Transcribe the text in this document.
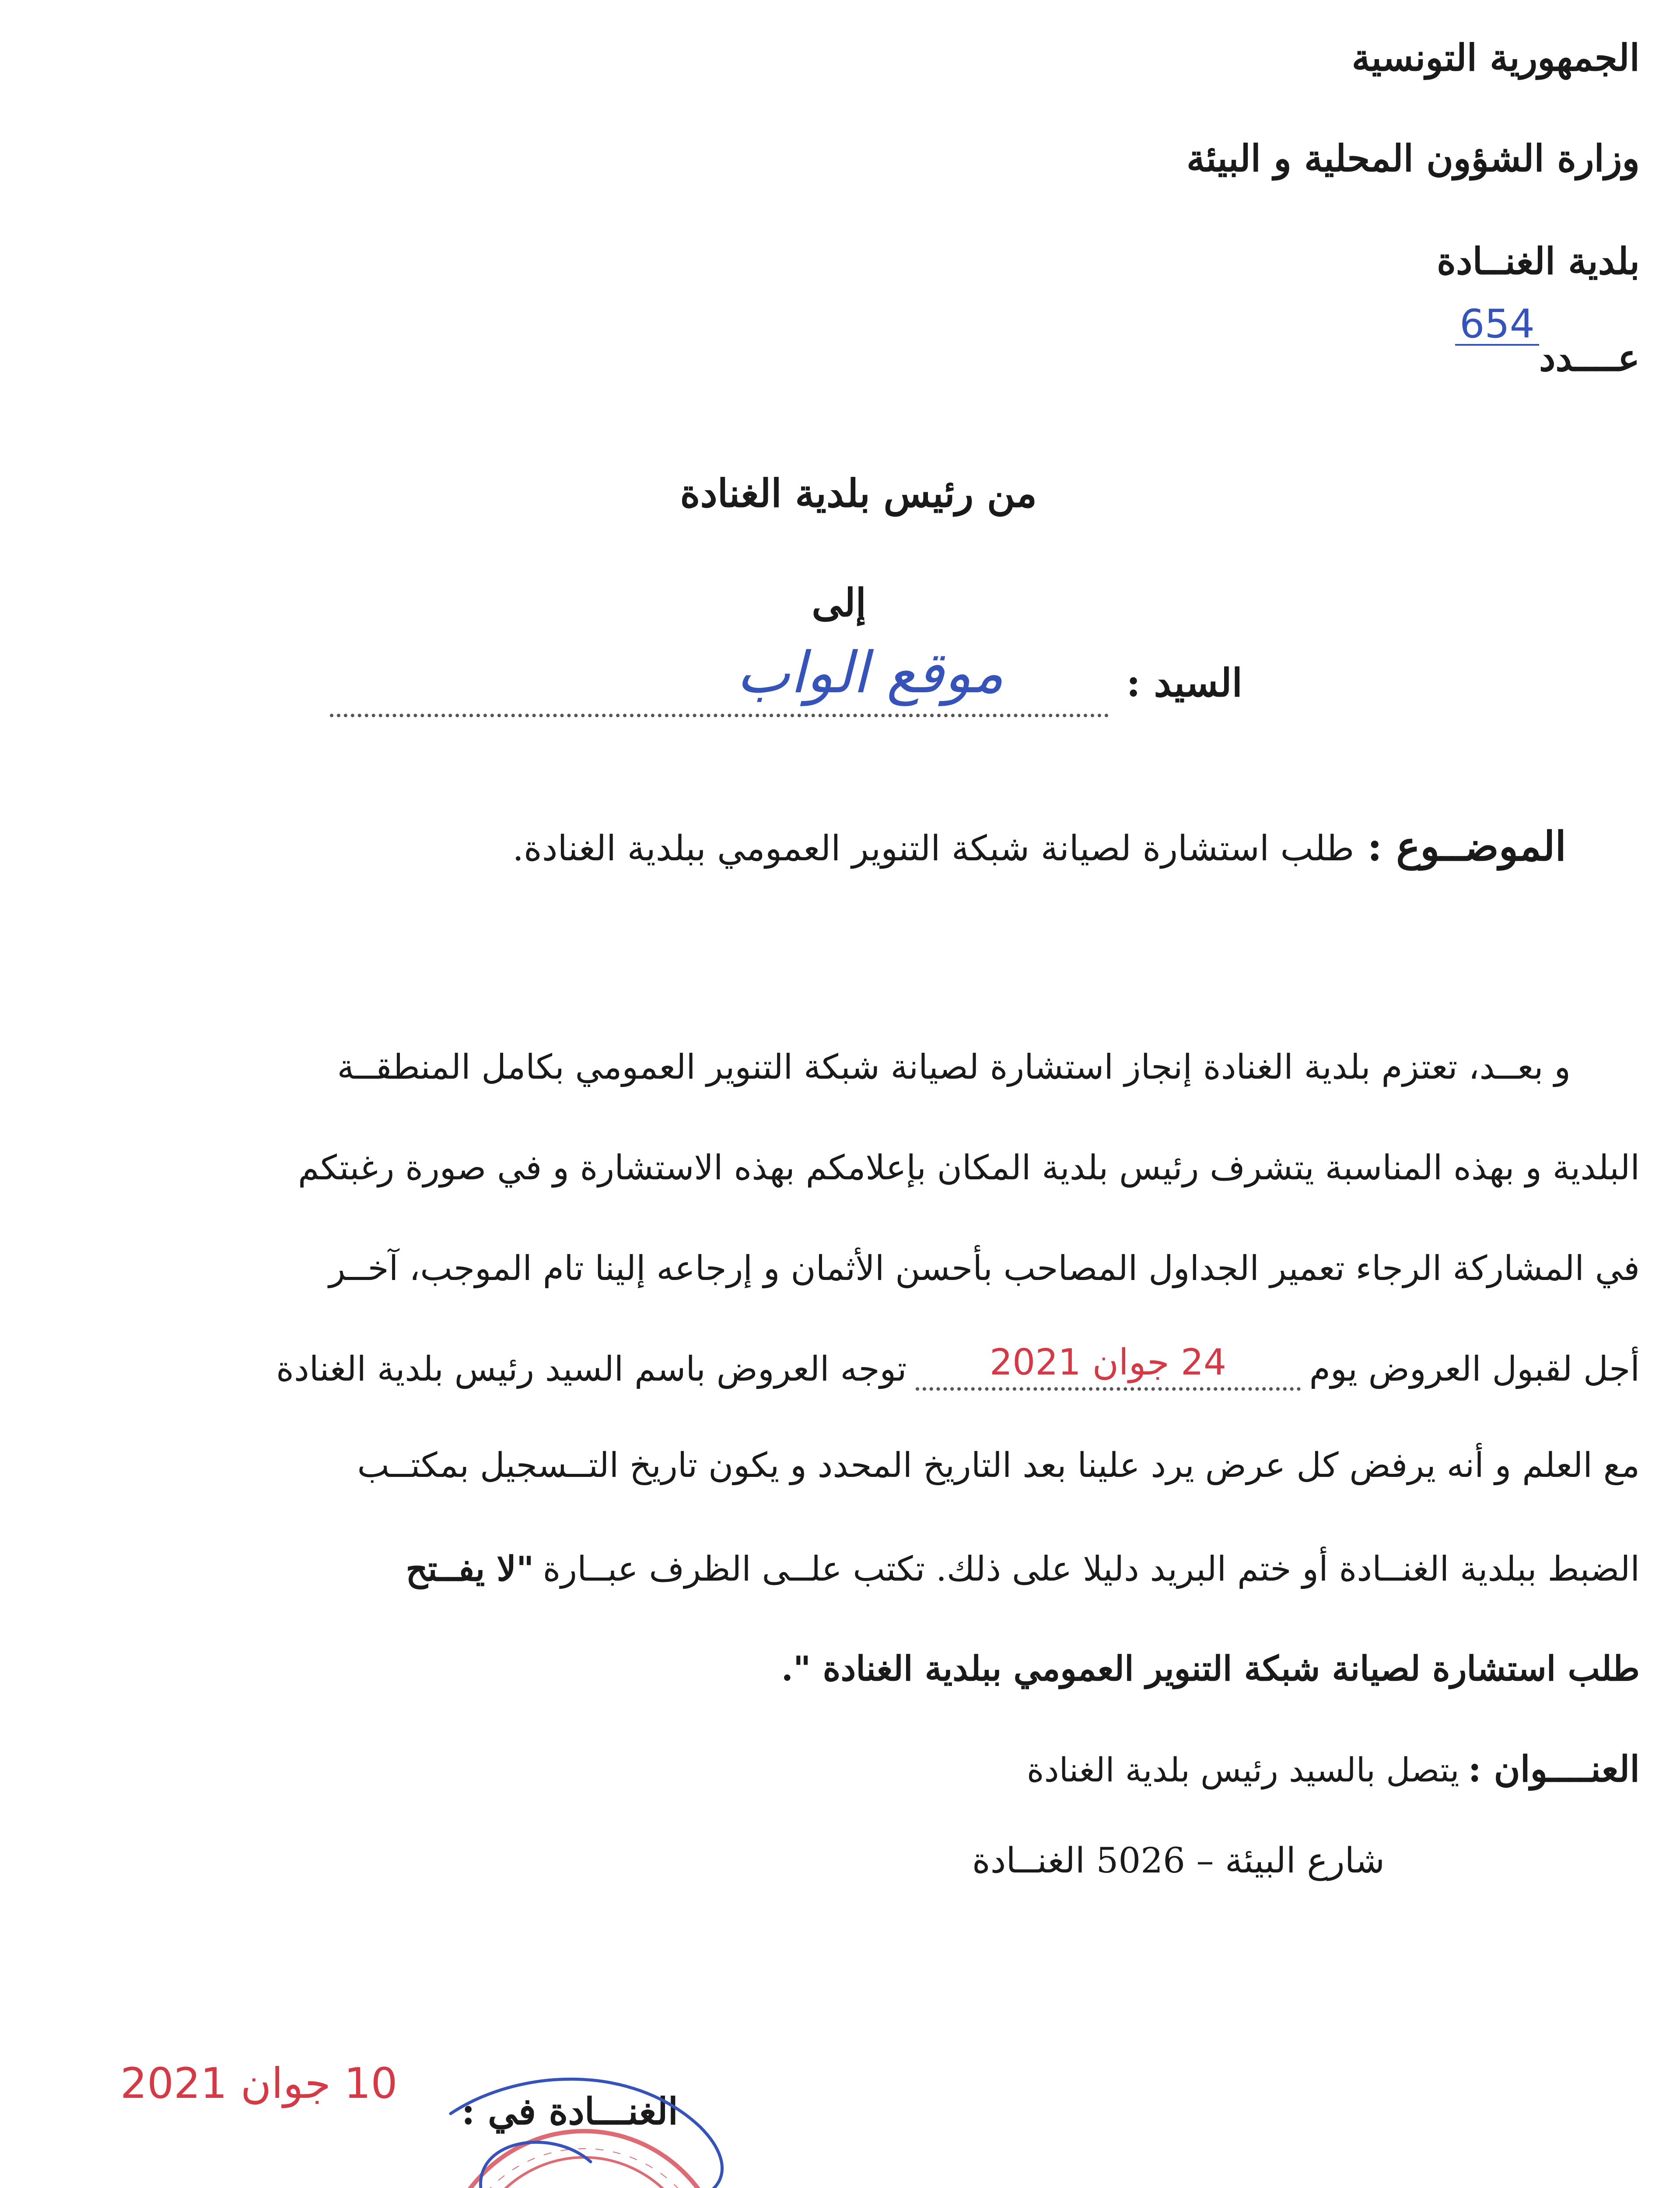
الجمهورية التونسية
وزارة الشؤون المحلية و البيئة
بلدية الغنــادة
عــــدد
654
من رئيس بلدية الغنادة
إلى
السيد :
موقع الواب
الموضــوع :
طلب استشارة لصيانة شبكة التنوير العمومي ببلدية الغنادة.
و بعــد، تعتزم بلدية الغنادة إنجاز استشارة لصيانة شبكة التنوير العمومي بكامل المنطقــة
البلدية و بهذه المناسبة يتشرف رئيس بلدية المكان بإعلامكم بهذه الاستشارة و في صورة رغبتكم
في المشاركة الرجاء تعمير الجداول المصاحب بأحسن الأثمان و إرجاعه إلينا تام الموجب، آخــر
أجل لقبول العروض يوم
24 جوان 2021
توجه العروض باسم السيد رئيس بلدية الغنادة
مع العلم و أنه يرفض كل عرض يرد علينا بعد التاريخ المحدد و يكون تاريخ التــسجيل بمكتــب
الضبط ببلدية الغنــادة أو ختم البريد دليلا على ذلك. تكتب علــى الظرف عبــارة
"لا يفــتح
طلب استشارة لصيانة شبكة التنوير العمومي ببلدية الغنادة ".
العنــــوان :
يتصل بالسيد رئيس بلدية الغنادة
شارع البيئة – 5026 الغنــادة
10 جوان 2021
الغنـــادة في :
